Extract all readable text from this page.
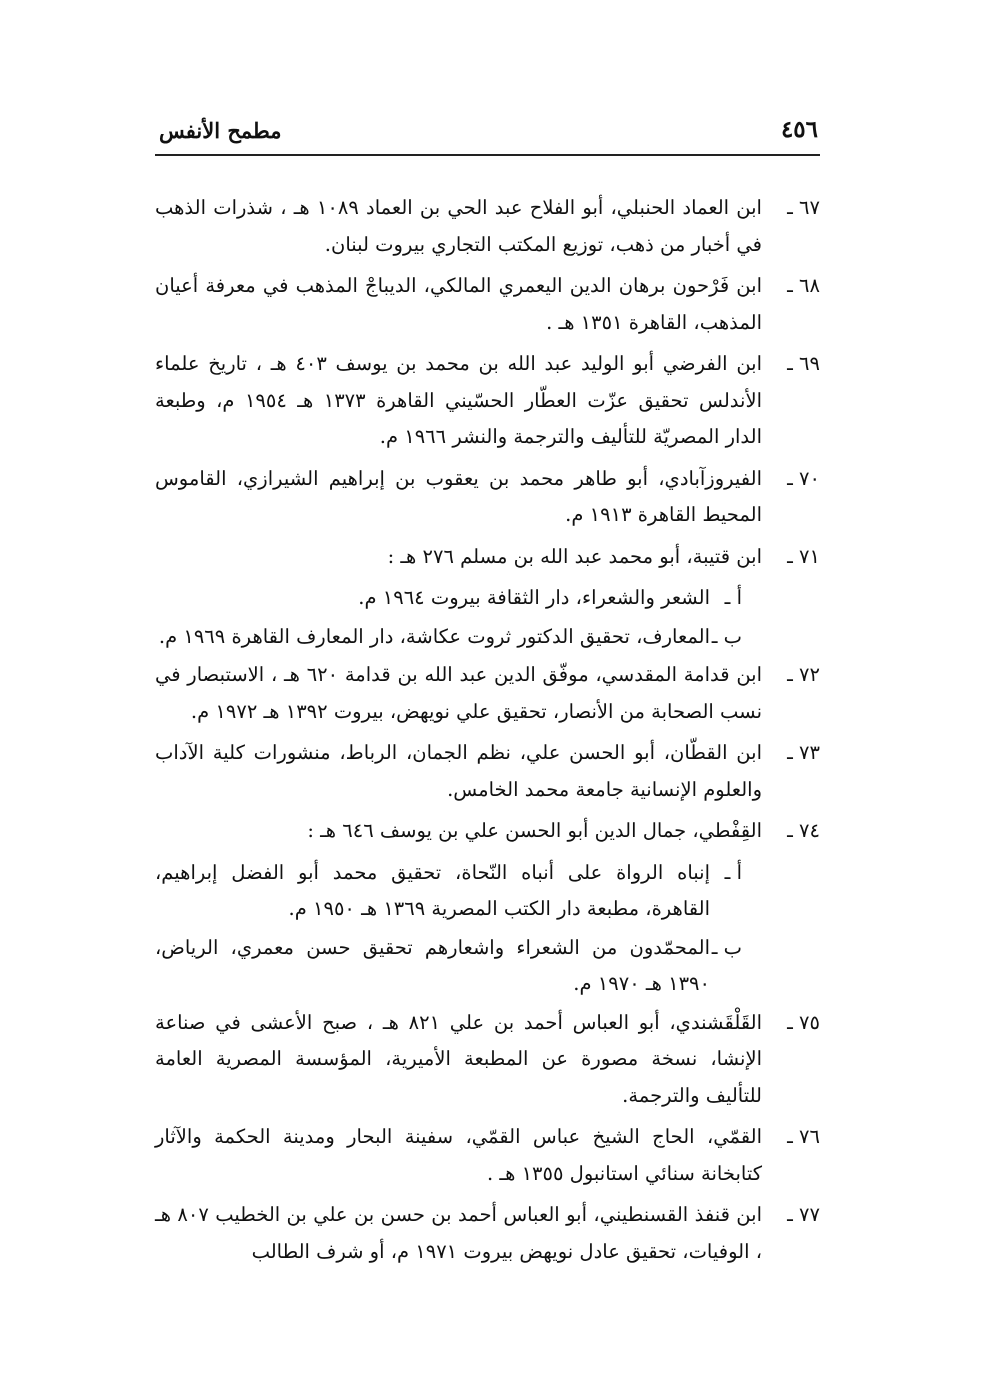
٤٥٦
مطمح الأنفس
٦٧ ـ
ابن العماد الحنبلي، أبو الفلاح عبد الحي بن العماد ١٠٨٩ هـ ، شذرات الذهب في أخبار من ذهب، توزيع المكتب التجاري بيروت لبنان.
٦٨ ـ
ابن فَرْحون برهان الدين اليعمري المالكي، الديباجْ المذهب في معرفة أعيان المذهب، القاهرة ١٣٥١ هـ .
٦٩ ـ
ابن الفرضي أبو الوليد عبد الله بن محمد بن يوسف ٤٠٣ هـ ، تاريخ علماء الأندلس تحقيق عزّت العطّار الحسّيني القاهرة ١٣٧٣ هـ ١٩٥٤ م، وطبعة الدار المصريّة للتأليف والترجمة والنشر ١٩٦٦ م.
٧٠ ـ
الفيروزآبادي، أبو طاهر محمد بن يعقوب بن إبراهيم الشيرازي، القاموس المحيط القاهرة ١٩١٣ م.
٧١ ـ
ابن قتيبة، أبو محمد عبد الله بن مسلم ٢٧٦ هـ :
أ ـ
الشعر والشعراء، دار الثقافة بيروت ١٩٦٤ م.
ب ـ
المعارف، تحقيق الدكتور ثروت عكاشة، دار المعارف القاهرة ١٩٦٩ م.
٧٢ ـ
ابن قدامة المقدسي، موفّق الدين عبد الله بن قدامة ٦٢٠ هـ ، الاستبصار في نسب الصحابة من الأنصار، تحقيق علي نويهض، بيروت ١٣٩٢ هـ ١٩٧٢ م.
٧٣ ـ
ابن القطّان، أبو الحسن علي، نظم الجمان، الرباط، منشورات كلية الآداب والعلوم الإنسانية جامعة محمد الخامس.
٧٤ ـ
القِفْطي، جمال الدين أبو الحسن علي بن يوسف ٦٤٦ هـ :
أ ـ
إنباه الرواة على أنباه النّحاة، تحقيق محمد أبو الفضل إبراهيم، القاهرة، مطبعة دار الكتب المصرية ١٣٦٩ هـ ١٩٥٠ م.
ب ـ
المحمّدون من الشعراء واشعارهم تحقيق حسن معمري، الرياض، ١٣٩٠ هـ ١٩٧٠ م.
٧٥ ـ
القَلْقَشندي، أبو العباس أحمد بن علي ٨٢١ هـ ، صبح الأعشى في صناعة الإنشا، نسخة مصورة عن المطبعة الأميرية، المؤسسة المصرية العامة للتأليف والترجمة.
٧٦ ـ
القمّي، الحاج الشيخ عباس القمّي، سفينة البحار ومدينة الحكمة والآثار كتابخانة سنائي استانبول ١٣٥٥ هـ .
٧٧ ـ
ابن قنفذ القسنطيني، أبو العباس أحمد بن حسن بن علي بن الخطيب ٨٠٧ هـ ، الوفيات، تحقيق عادل نويهض بيروت ١٩٧١ م، أو شرف الطالب
